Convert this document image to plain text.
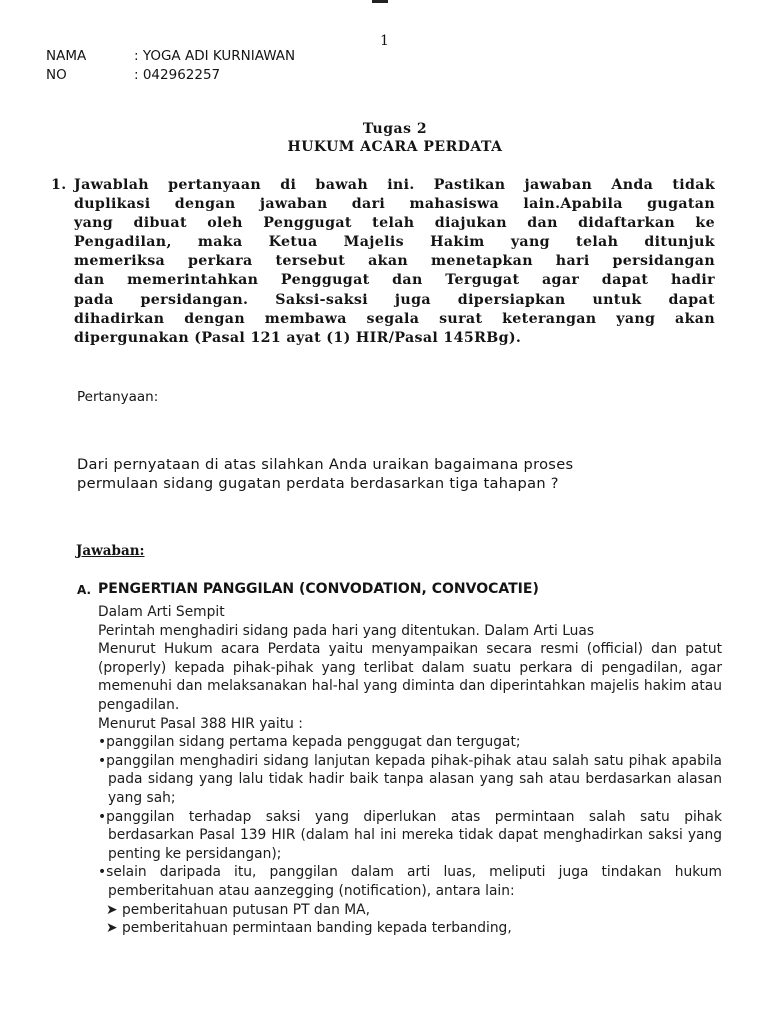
1
NAMA	: YOGA ADI KURNIAWAN
NO	: 042962257
Tugas 2
HUKUM ACARA PERDATA
1. Jawablah pertanyaan di bawah ini. Pastikan jawaban Anda tidak
duplikasi dengan jawaban dari mahasiswa lain.Apabila gugatan
yang dibuat oleh Penggugat telah diajukan dan didaftarkan ke
Pengadilan, maka Ketua Majelis Hakim yang telah ditunjuk
memeriksa perkara tersebut akan menetapkan hari persidangan
dan memerintahkan Penggugat dan Tergugat agar dapat hadir
pada persidangan. Saksi-saksi juga dipersiapkan untuk dapat
dihadirkan dengan membawa segala surat keterangan yang akan
dipergunakan (Pasal 121 ayat (1) HIR/Pasal 145RBg).
Pertanyaan:
Dari pernyataan di atas silahkan Anda uraikan bagaimana proses
permulaan sidang gugatan perdata berdasarkan tiga tahapan ?
Jawaban:
A. PENGERTIAN PANGGILAN (CONVODATION, CONVOCATIE)
Dalam Arti Sempit
Perintah menghadiri sidang pada hari yang ditentukan. Dalam Arti Luas
Menurut Hukum acara Perdata yaitu menyampaikan secara resmi (official) dan patut (properly) kepada pihak-pihak yang terlibat dalam suatu perkara di pengadilan, agar memenuhi dan melaksanakan hal-hal yang diminta dan diperintahkan majelis hakim atau pengadilan.
Menurut Pasal 388 HIR yaitu :
•panggilan sidang pertama kepada penggugat dan tergugat;
•panggilan menghadiri sidang lanjutan kepada pihak-pihak atau salah satu pihak apabila pada sidang yang lalu tidak hadir baik tanpa alasan yang sah atau berdasarkan alasan yang sah;
•panggilan terhadap saksi yang diperlukan atas permintaan salah satu pihak berdasarkan Pasal 139 HIR (dalam hal ini mereka tidak dapat menghadirkan saksi yang penting ke persidangan);
•selain daripada itu, panggilan dalam arti luas, meliputi juga tindakan hukum pemberitahuan atau aanzegging (notification), antara lain:
➤ pemberitahuan putusan PT dan MA,
➤ pemberitahuan permintaan banding kepada terbanding,
